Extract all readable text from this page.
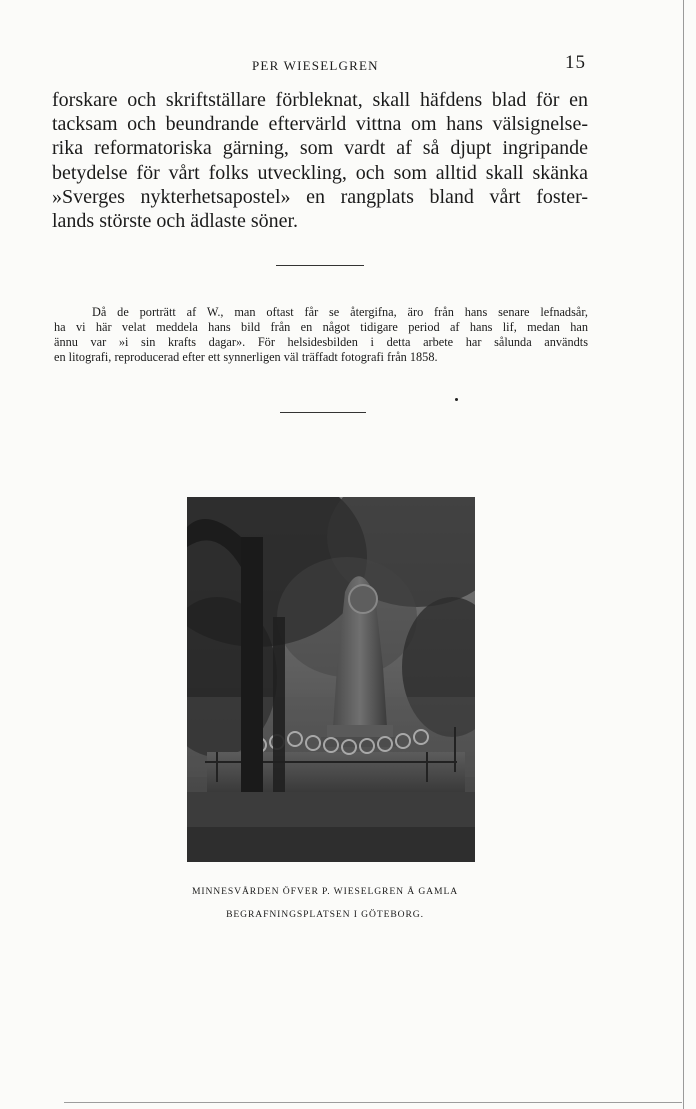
PER WIESELGREN	15

forskare och skriftställare förbleknat, skall häfdens blad för en
tacksam och beundrande eftervärld vittna om hans välsignelse-
rika reformatoriska gärning, som vardt af så djupt ingripande
betydelse för vårt folks utveckling, och som alltid skall skänka
»Sverges nykterhetsapostel» en rangplats bland vårt foster-
lands störste och ädlaste söner.

Då de porträtt af W., man oftast får se återgifna, äro från hans senare lefnadsår,
ha vi här velat meddela hans bild från en något tidigare period af hans lif, medan han
ännu var »i sin krafts dagar». För helsidesbilden i detta arbete har sålunda användts
en litografi, reproducerad efter ett synnerligen väl träffadt fotografi från 1858.

MINNESVÅRDEN ÖFVER P. WIESELGREN Å GAMLA
BEGRAFNINGSPLATSEN I GÖTEBORG.
